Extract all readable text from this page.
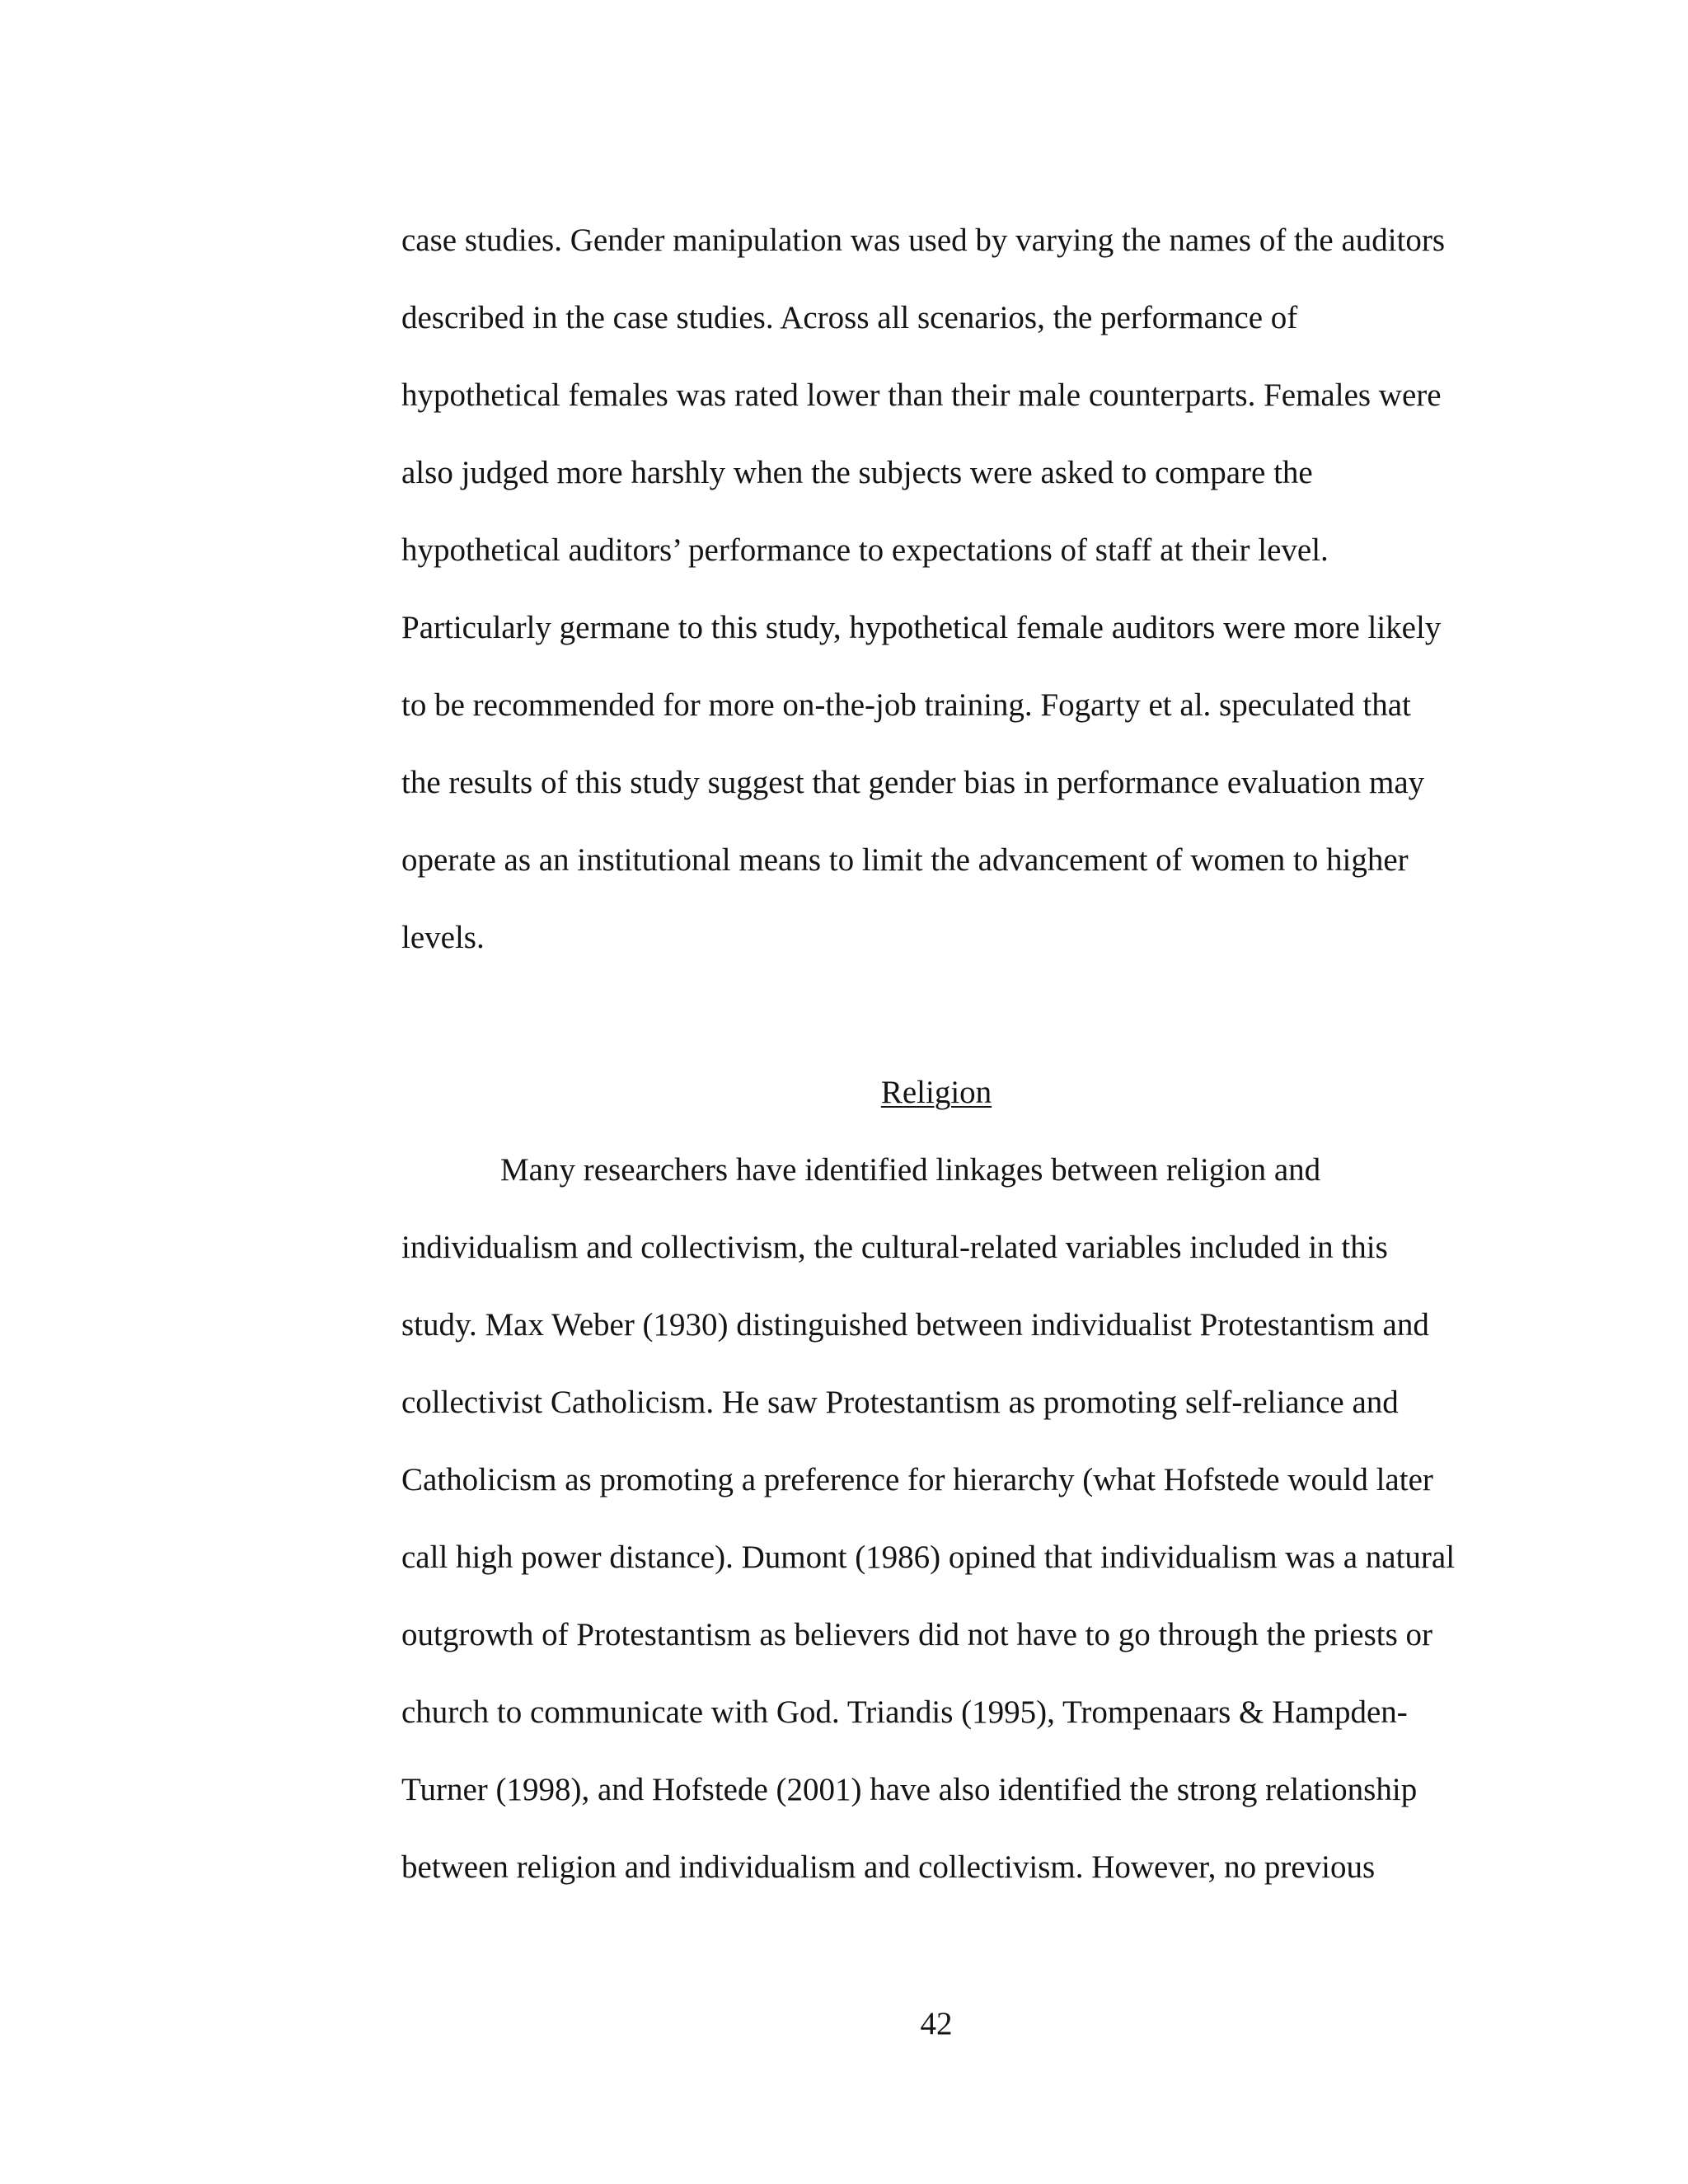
case studies. Gender manipulation was used by varying the names of the auditors
described in the case studies. Across all scenarios, the performance of
hypothetical females was rated lower than their male counterparts. Females were
also judged more harshly when the subjects were asked to compare the
hypothetical auditors’ performance to expectations of staff at their level.
Particularly germane to this study, hypothetical female auditors were more likely
to be recommended for more on-the-job training. Fogarty et al. speculated that
the results of this study suggest that gender bias in performance evaluation may
operate as an institutional means to limit the advancement of women to higher
levels.
Religion
Many researchers have identified linkages between religion and
individualism and collectivism, the cultural-related variables included in this
study. Max Weber (1930) distinguished between individualist Protestantism and
collectivist Catholicism. He saw Protestantism as promoting self-reliance and
Catholicism as promoting a preference for hierarchy (what Hofstede would later
call high power distance). Dumont (1986) opined that individualism was a natural
outgrowth of Protestantism as believers did not have to go through the priests or
church to communicate with God. Triandis (1995), Trompenaars & Hampden-
Turner (1998), and Hofstede (2001) have also identified the strong relationship
between religion and individualism and collectivism. However, no previous
42
